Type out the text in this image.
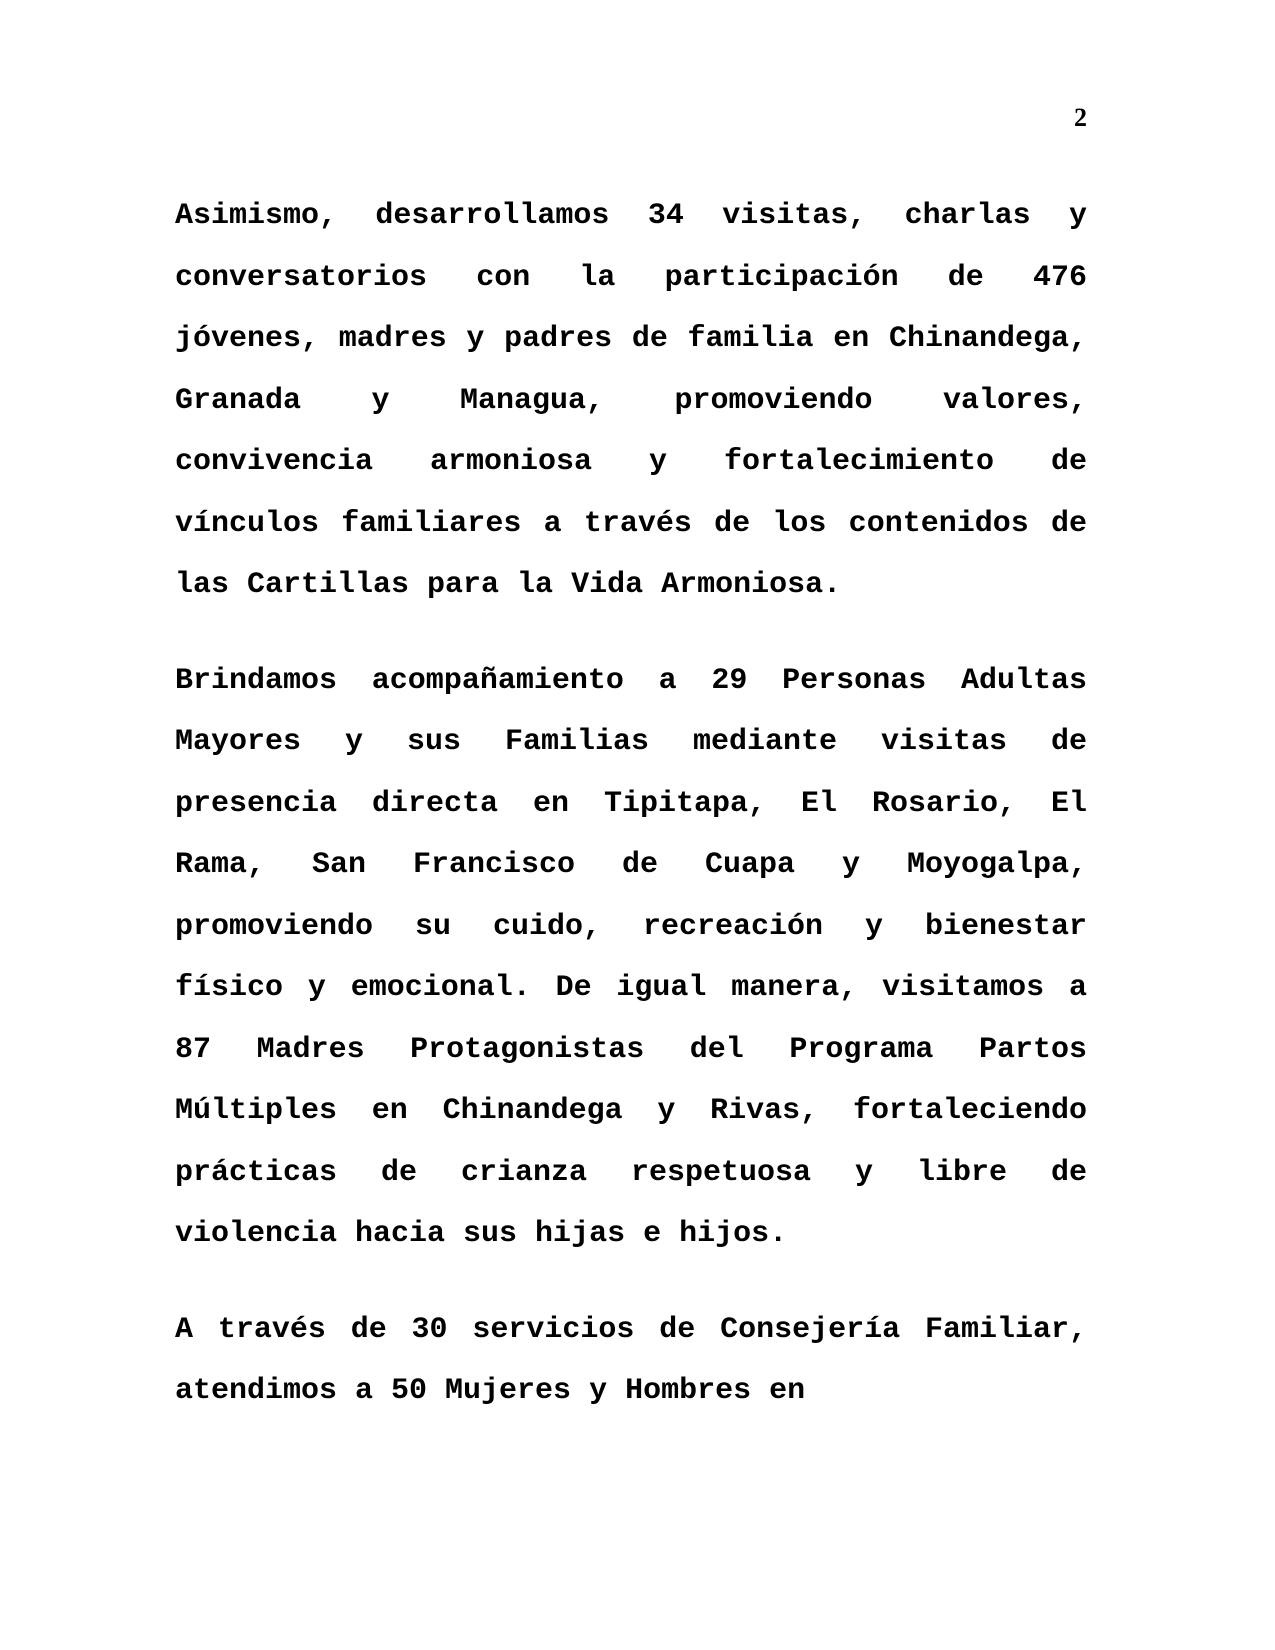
2

Asimismo, desarrollamos 34 visitas, charlas y conversatorios con la participación de 476 jóvenes, madres y padres de familia en Chinandega, Granada y Managua, promoviendo valores, convivencia armoniosa y fortalecimiento de vínculos familiares a través de los contenidos de las Cartillas para la Vida Armoniosa.

Brindamos acompañamiento a 29 Personas Adultas Mayores y sus Familias mediante visitas de presencia directa en Tipitapa, El Rosario, El Rama, San Francisco de Cuapa y Moyogalpa, promoviendo su cuido, recreación y bienestar físico y emocional. De igual manera, visitamos a 87 Madres Protagonistas del Programa Partos Múltiples en Chinandega y Rivas, fortaleciendo prácticas de crianza respetuosa y libre de violencia hacia sus hijas e hijos.

A través de 30 servicios de Consejería Familiar, atendimos a 50 Mujeres y Hombres en
